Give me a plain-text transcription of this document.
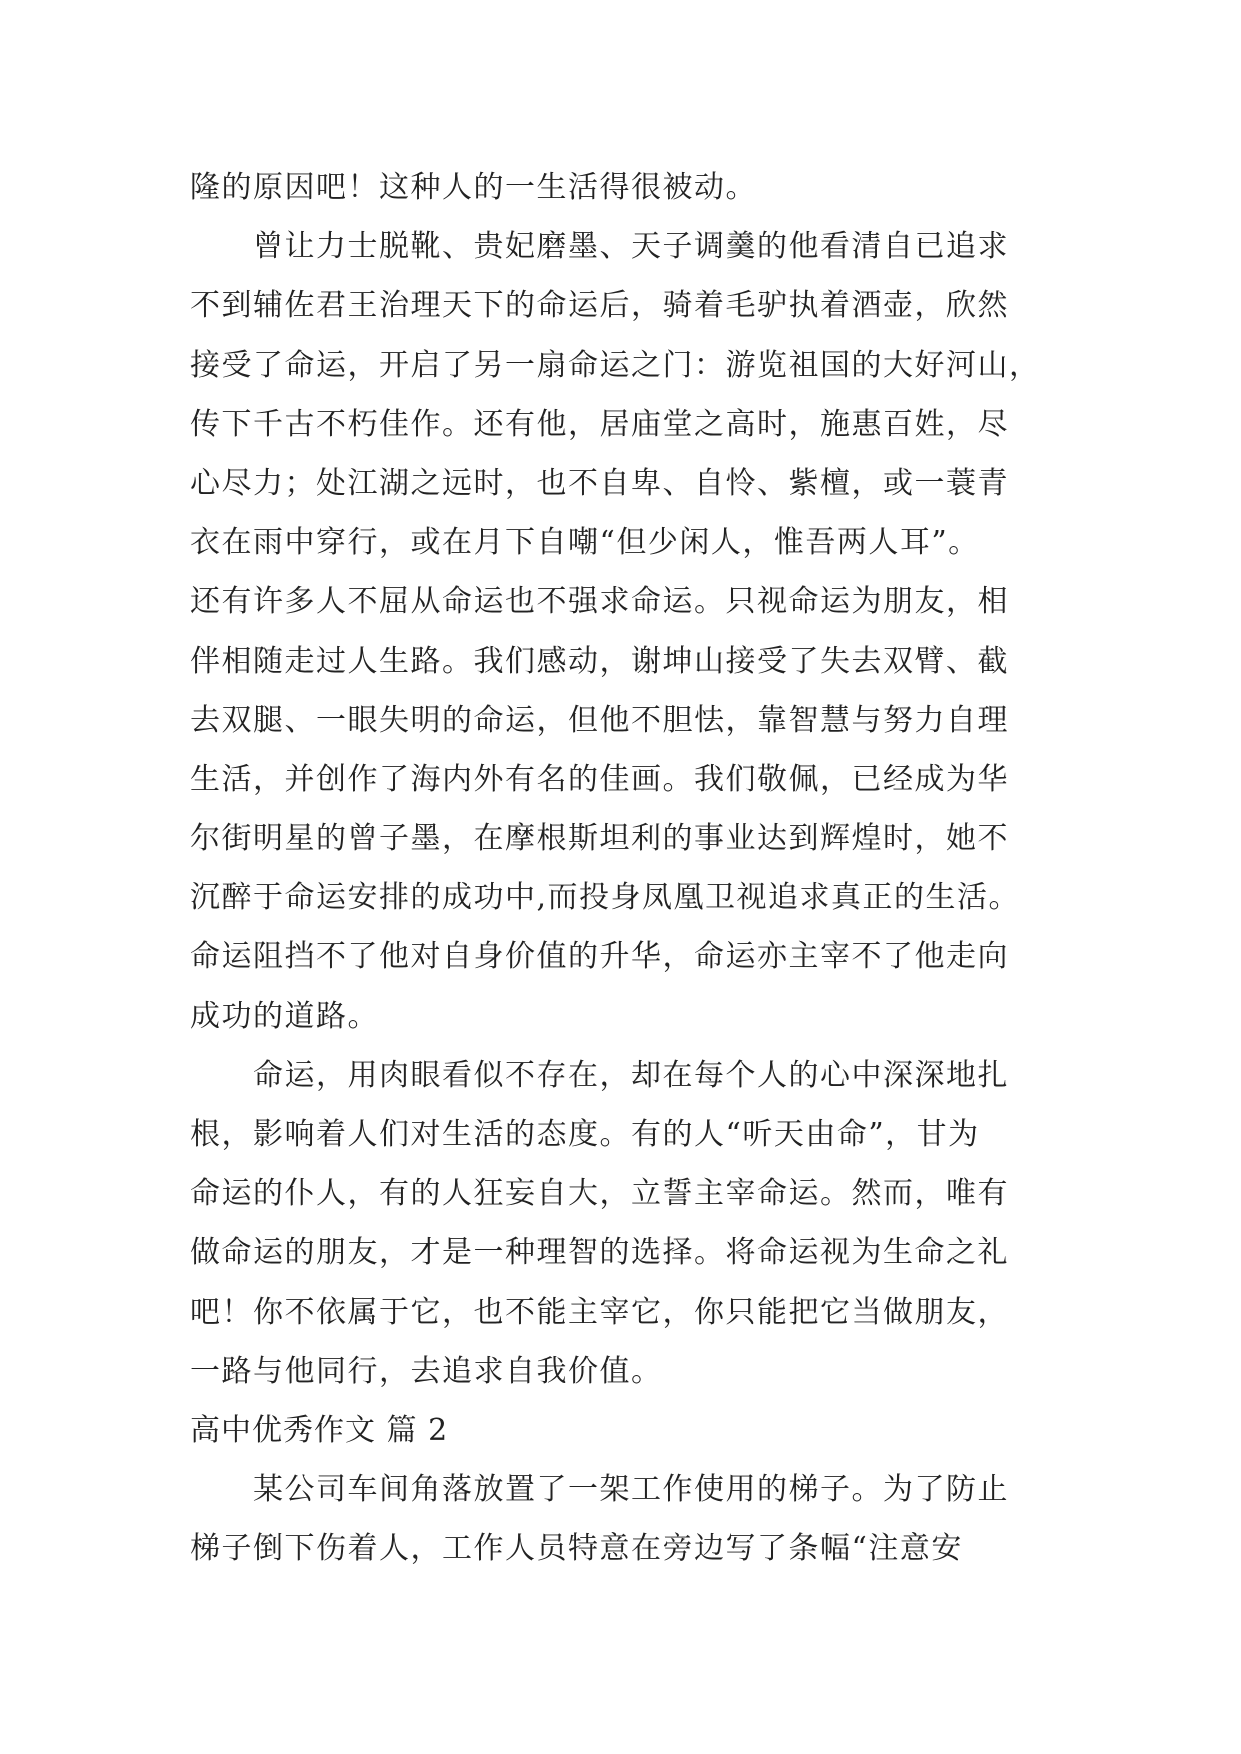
隆的原因吧！这种人的一生活得很被动。
　　曾让力士脱靴、贵妃磨墨、天子调羹的他看清自已追求
不到辅佐君王治理天下的命运后，骑着毛驴执着酒壶，欣然
接受了命运，开启了另一扇命运之门：游览祖国的大好河山，
传下千古不朽佳作。还有他，居庙堂之高时，施惠百姓，尽
心尽力；处江湖之远时，也不自卑、自怜、紫檀，或一蓑青
衣在雨中穿行，或在月下自嘲“但少闲人，惟吾两人耳”。
还有许多人不屈从命运也不强求命运。只视命运为朋友，相
伴相随走过人生路。我们感动，谢坤山接受了失去双臂、截
去双腿、一眼失明的命运，但他不胆怯，靠智慧与努力自理
生活，并创作了海内外有名的佳画。我们敬佩，已经成为华
尔街明星的曾子墨，在摩根斯坦利的事业达到辉煌时，她不
沉醉于命运安排的成功中,而投身凤凰卫视追求真正的生活。
命运阻挡不了他对自身价值的升华，命运亦主宰不了他走向
成功的道路。
　　命运，用肉眼看似不存在，却在每个人的心中深深地扎
根，影响着人们对生活的态度。有的人“听天由命”，甘为
命运的仆人，有的人狂妄自大，立誓主宰命运。然而，唯有
做命运的朋友，才是一种理智的选择。将命运视为生命之礼
吧！你不依属于它，也不能主宰它，你只能把它当做朋友，
一路与他同行，去追求自我价值。
高中优秀作文 篇 2
　　某公司车间角落放置了一架工作使用的梯子。为了防止
梯子倒下伤着人，工作人员特意在旁边写了条幅“注意安
